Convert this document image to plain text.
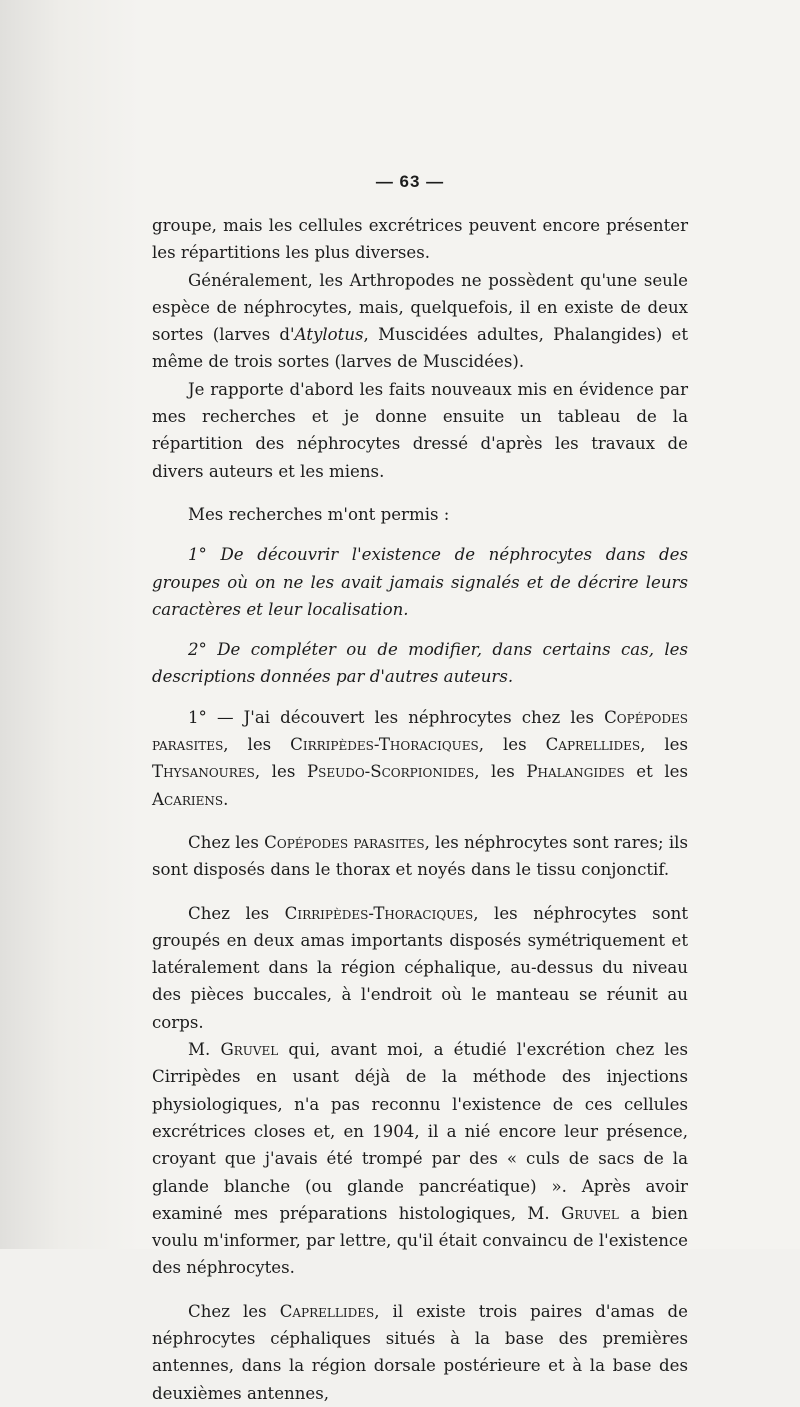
— 63 —

groupe, mais les cellules excrétrices peuvent encore présenter les répartitions les plus diverses.

Généralement, les Arthropodes ne possèdent qu'une seule espèce de néphrocytes, mais, quelquefois, il en existe de deux sortes (larves d'Atylotus, Muscidées adultes, Phalangides) et même de trois sortes (larves de Muscidées).

Je rapporte d'abord les faits nouveaux mis en évidence par mes recherches et je donne ensuite un tableau de la répartition des néphrocytes dressé d'après les travaux de divers auteurs et les miens.

Mes recherches m'ont permis :

1° De découvrir l'existence de néphrocytes dans des groupes où on ne les avait jamais signalés et de décrire leurs caractères et leur localisation.

2° De compléter ou de modifier, dans certains cas, les descriptions données par d'autres auteurs.

1° — J'ai découvert les néphrocytes chez les Copépodes parasites, les Cirripèdes-Thoraciques, les Caprellides, les Thysanoures, les Pseudo-Scorpionides, les Phalangides et les Acariens.

Chez les Copépodes parasites, les néphrocytes sont rares; ils sont disposés dans le thorax et noyés dans le tissu conjonctif.

Chez les Cirripèdes-Thoraciques, les néphrocytes sont groupés en deux amas importants disposés symétriquement et latéralement dans la région céphalique, au-dessus du niveau des pièces buccales, à l'endroit où le manteau se réunit au corps.

M. Gruvel qui, avant moi, a étudié l'excrétion chez les Cirripèdes en usant déjà de la méthode des injections physiologiques, n'a pas reconnu l'existence de ces cellules excrétrices closes et, en 1904, il a nié encore leur présence, croyant que j'avais été trompé par des « culs de sacs de la glande blanche (ou glande pancréatique) ». Après avoir examiné mes préparations histologiques, M. Gruvel a bien voulu m'informer, par lettre, qu'il était convaincu de l'existence des néphrocytes.

Chez les Caprellides, il existe trois paires d'amas de néphrocytes céphaliques situés à la base des premières antennes, dans la région dorsale postérieure et à la base des deuxièmes antennes,
